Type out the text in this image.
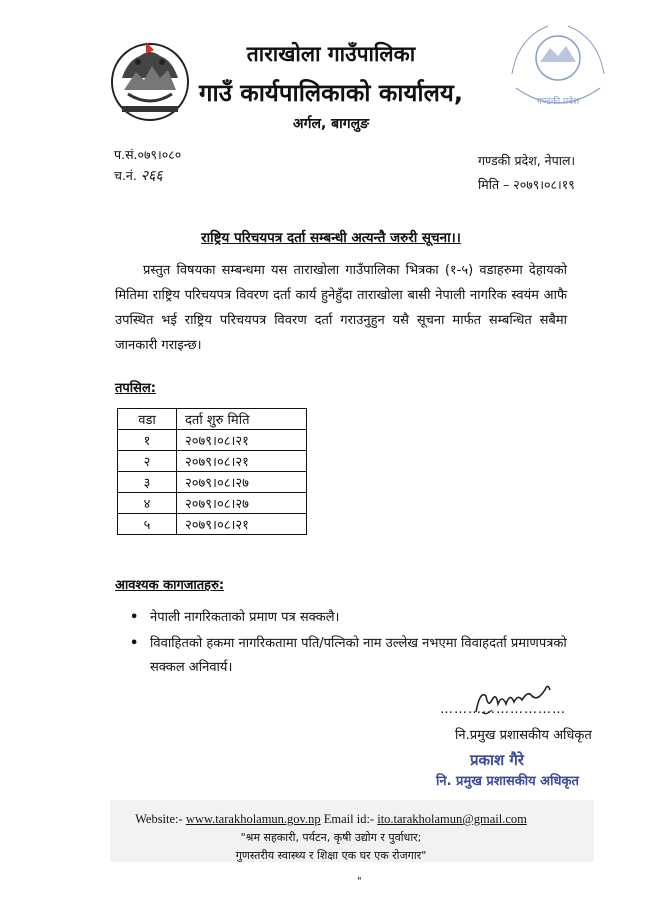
गण्डकी प्रदेश
ताराखोला गाउँपालिका
गाउँ कार्यपालिकाको कार्यालय,
अर्गल, बागलुङ
प.सं.०७९।०८०
च.नं. २६६
गण्डकी प्रदेश, नेपाल।
मिति – २०७९।०८।१९
राष्ट्रिय परिचयपत्र दर्ता सम्बन्धी अत्यन्तै जरुरी सूचना।।
प्रस्तुत विषयका सम्बन्धमा यस ताराखोला गाउँपालिका भित्रका (१-५) वडाहरुमा देहायको मितिमा राष्ट्रिय परिचयपत्र विवरण दर्ता कार्य हुनेहुँदा ताराखोला बासी नेपाली नागरिक स्वयंम आफै उपस्थित भई राष्ट्रिय परिचयपत्र विवरण दर्ता गराउनुहुन यसै सूचना मार्फत सम्बन्धित सबैमा जानकारी गराइन्छ।
तपसिल:
वडा	दर्ता शुरु मिति
१	२०७९।०८।२१
२	२०७९।०८।२१
३	२०७९।०८।२७
४	२०७९।०८।२७
५	२०७९।०८।२१
आवश्यक कागजातहरु:
• नेपाली नागरिकताको प्रमाण पत्र सक्कलै।
• विवाहितको हकमा नागरिकतामा पति/पत्निको नाम उल्लेख नभएमा विवाहदर्ता प्रमाणपत्रको सक्कल अनिवार्य।
………………………
नि.प्रमुख प्रशासकीय अधिकृत
प्रकाश गैरे
नि. प्रमुख प्रशासकीय अधिकृत
Website:- www.tarakholamun.gov.np Email id:- ito.tarakholamun@gmail.com
"श्रम सहकारी, पर्यटन, कृषी उद्योग र पुर्वाधार;
गुणस्तरीय स्वास्थ्य र शिक्षा एक घर एक रोजगार"
"
